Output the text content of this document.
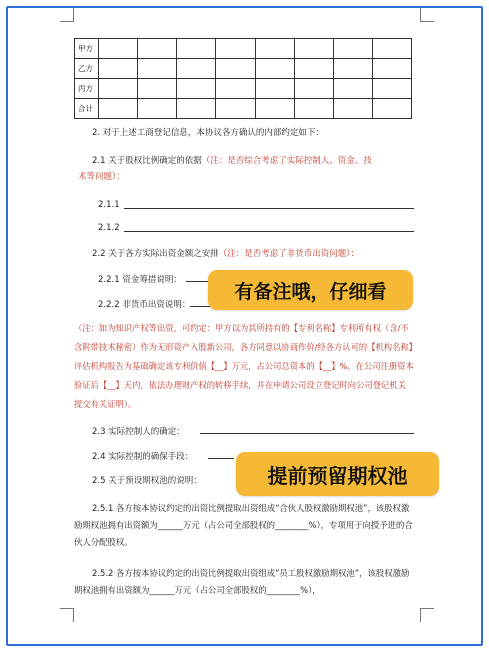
甲方								
乙方								
丙方								
合计								
2. 对于上述工商登记信息，本协议各方确认的内部约定如下：
2.1 关于股权比例确定的依据（注：是否综合考虑了实际控制人、资金、技
术等问题）：
2.1.1
2.1.2
2.2 关于各方实际出资金额之安排（注：是否考虑了非货币出资问题）：
2.2.1 资金筹措说明：
2.2.2 非货币出资说明：
（注：如为知识产权等出资，可约定：甲方以为其所持有的【专利名称】专利所有权（含/不含附带技术秘密）作为无形资产入股新公司，各方同意以协商作价/经各方认可的【机构名称】评估机构报告为基础确定该专利价值【__】万元，占公司总资本的【__】%。在公司注册资本验证后【__】天内，依法办理财产权的转移手续，并在申请公司设立登记时向公司登记机关提交有关证明）。
2.3 实际控制人的确定：
2.4 实际控制的确保手段：
2.5 关于预设期权池的说明：
2.5.1 各方按本协议约定的出资比例提取出资组成“合伙人股权激励期权池”，该股权激励期权池拥有出资额为______万元（占公司全部股权的________%），专项用于向授予进的合伙人分配股权。
2.5.2 各方按本协议约定的出资比例提取出资组成“员工股权激励期权池”，该股权激励期权池拥有出资额为______万元（占公司全部股权的________%），
有备注哦，仔细看
提前预留期权池
